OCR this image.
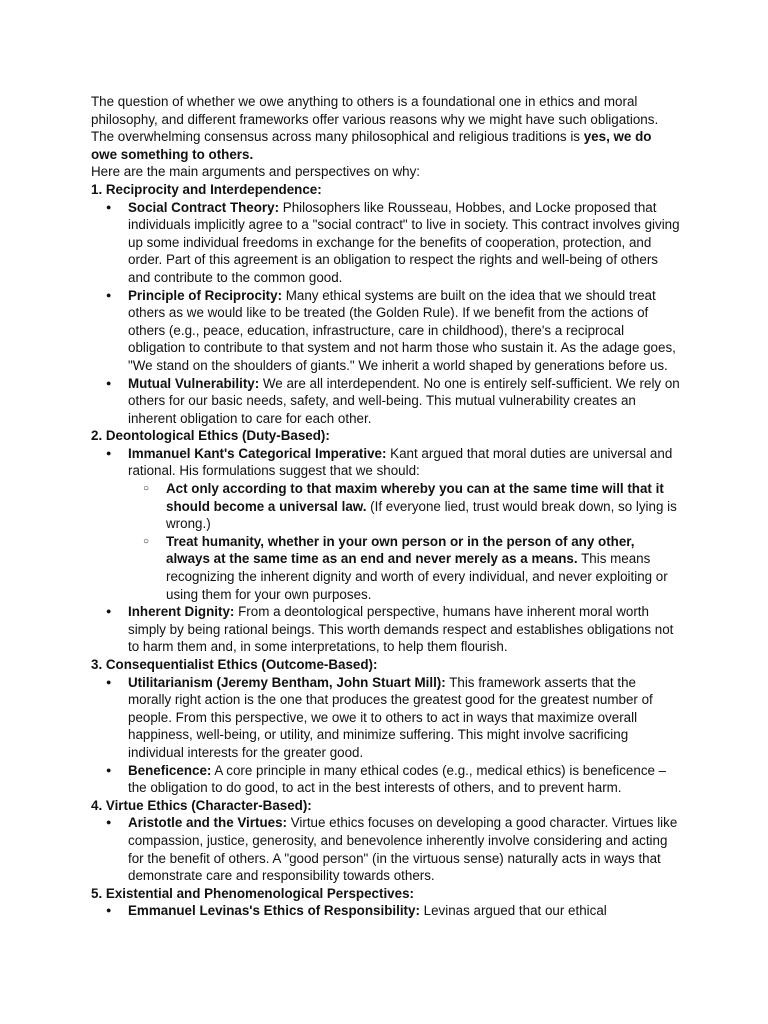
The question of whether we owe anything to others is a foundational one in ethics and moral philosophy, and different frameworks offer various reasons why we might have such obligations. The overwhelming consensus across many philosophical and religious traditions is yes, we do owe something to others.

Here are the main arguments and perspectives on why:

1. Reciprocity and Interdependence:

● Social Contract Theory: Philosophers like Rousseau, Hobbes, and Locke proposed that individuals implicitly agree to a "social contract" to live in society. This contract involves giving up some individual freedoms in exchange for the benefits of cooperation, protection, and order. Part of this agreement is an obligation to respect the rights and well-being of others and contribute to the common good.
● Principle of Reciprocity: Many ethical systems are built on the idea that we should treat others as we would like to be treated (the Golden Rule). If we benefit from the actions of others (e.g., peace, education, infrastructure, care in childhood), there's a reciprocal obligation to contribute to that system and not harm those who sustain it. As the adage goes, "We stand on the shoulders of giants." We inherit a world shaped by generations before us.
● Mutual Vulnerability: We are all interdependent. No one is entirely self-sufficient. We rely on others for our basic needs, safety, and well-being. This mutual vulnerability creates an inherent obligation to care for each other.

2. Deontological Ethics (Duty-Based):

● Immanuel Kant's Categorical Imperative: Kant argued that moral duties are universal and rational. His formulations suggest that we should:
○ Act only according to that maxim whereby you can at the same time will that it should become a universal law. (If everyone lied, trust would break down, so lying is wrong.)
○ Treat humanity, whether in your own person or in the person of any other, always at the same time as an end and never merely as a means. This means recognizing the inherent dignity and worth of every individual, and never exploiting or using them for your own purposes.
● Inherent Dignity: From a deontological perspective, humans have inherent moral worth simply by being rational beings. This worth demands respect and establishes obligations not to harm them and, in some interpretations, to help them flourish.

3. Consequentialist Ethics (Outcome-Based):

● Utilitarianism (Jeremy Bentham, John Stuart Mill): This framework asserts that the morally right action is the one that produces the greatest good for the greatest number of people. From this perspective, we owe it to others to act in ways that maximize overall happiness, well-being, or utility, and minimize suffering. This might involve sacrificing individual interests for the greater good.
● Beneficence: A core principle in many ethical codes (e.g., medical ethics) is beneficence – the obligation to do good, to act in the best interests of others, and to prevent harm.

4. Virtue Ethics (Character-Based):

● Aristotle and the Virtues: Virtue ethics focuses on developing a good character. Virtues like compassion, justice, generosity, and benevolence inherently involve considering and acting for the benefit of others. A "good person" (in the virtuous sense) naturally acts in ways that demonstrate care and responsibility towards others.

5. Existential and Phenomenological Perspectives:

● Emmanuel Levinas's Ethics of Responsibility: Levinas argued that our ethical
